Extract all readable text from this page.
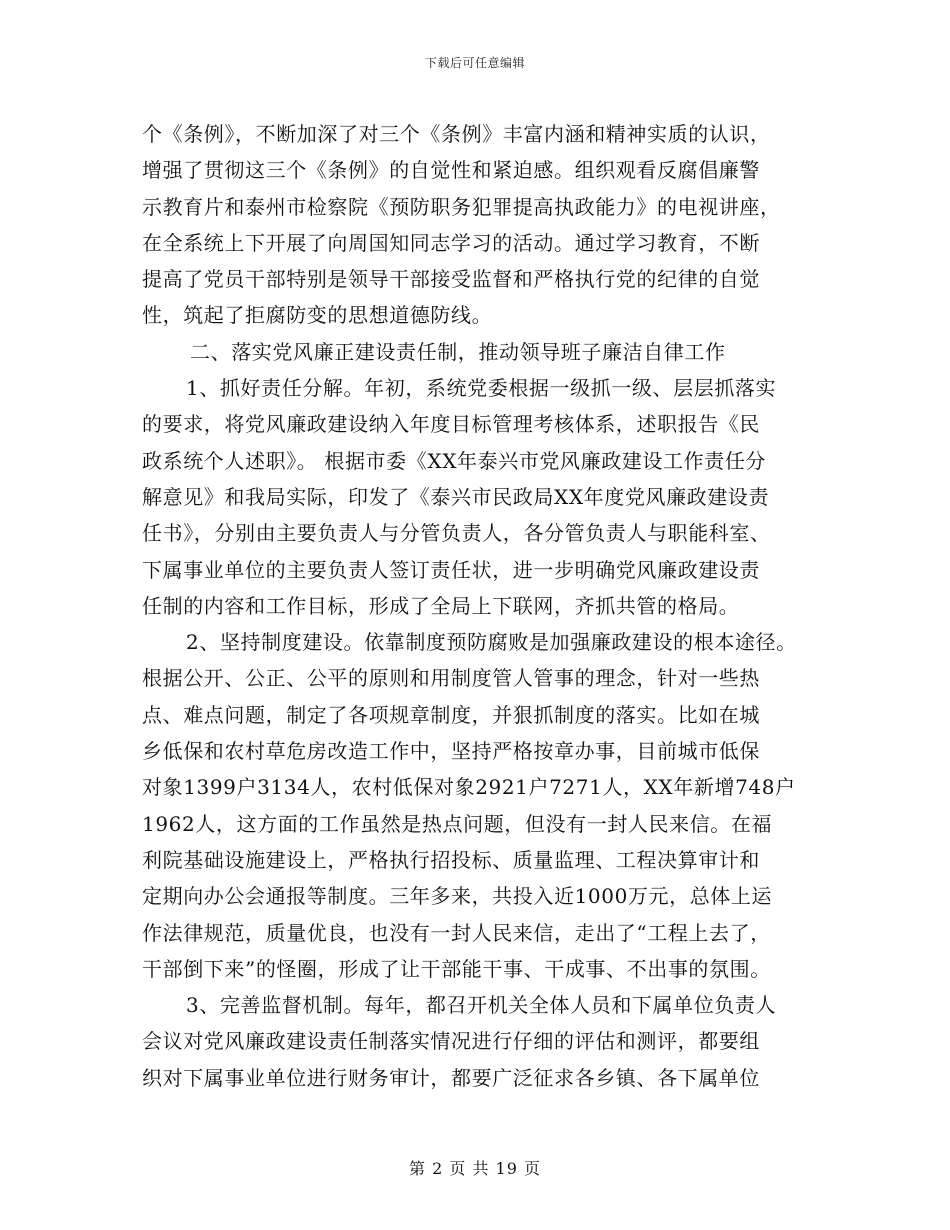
下载后可任意编辑
个《条例》，不断加深了对三个《条例》丰富内涵和精神实质的认识，
增强了贯彻这三个《条例》的自觉性和紧迫感。组织观看反腐倡廉警
示教育片和泰州市检察院《预防职务犯罪提高执政能力》的电视讲座，
在全系统上下开展了向周国知同志学习的活动。通过学习教育，不断
提高了党员干部特别是领导干部接受监督和严格执行党的纪律的自觉
性，筑起了拒腐防变的思想道德防线。
二、落实党风廉正建设责任制，推动领导班子廉洁自律工作
1、抓好责任分解。年初，系统党委根据一级抓一级、层层抓落实
的要求，将党风廉政建设纳入年度目标管理考核体系，述职报告《民
政系统个人述职》。 根据市委《XX年泰兴市党风廉政建设工作责任分
解意见》和我局实际，印发了《泰兴市民政局XX年度党风廉政建设责
任书》，分别由主要负责人与分管负责人，各分管负责人与职能科室、
下属事业单位的主要负责人签订责任状，进一步明确党风廉政建设责
任制的内容和工作目标，形成了全局上下联网，齐抓共管的格局。
2、坚持制度建设。依靠制度预防腐败是加强廉政建设的根本途径。
根据公开、公正、公平的原则和用制度管人管事的理念，针对一些热
点、难点问题，制定了各项规章制度，并狠抓制度的落实。比如在城
乡低保和农村草危房改造工作中，坚持严格按章办事，目前城市低保
对象1399户3134人，农村低保对象2921户7271人，XX年新增748户
1962人，这方面的工作虽然是热点问题，但没有一封人民来信。在福
利院基础设施建设上，严格执行招投标、质量监理、工程决算审计和
定期向办公会通报等制度。三年多来，共投入近1000万元，总体上运
作法律规范，质量优良，也没有一封人民来信，走出了“工程上去了，
干部倒下来”的怪圈，形成了让干部能干事、干成事、不出事的氛围。
3、完善监督机制。每年，都召开机关全体人员和下属单位负责人
会议对党风廉政建设责任制落实情况进行仔细的评估和测评，都要组
织对下属事业单位进行财务审计，都要广泛征求各乡镇、各下属单位
第 2 页 共 19 页
